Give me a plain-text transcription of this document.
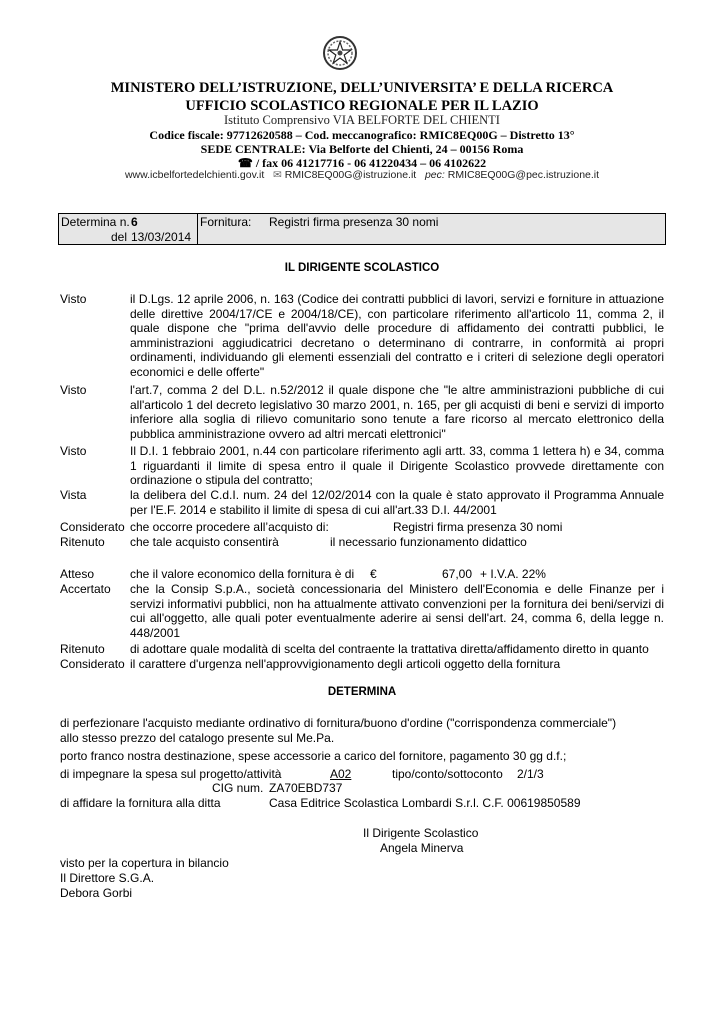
MINISTERO DELL’ISTRUZIONE, DELL’UNIVERSITA’ E DELLA RICERCA
UFFICIO SCOLASTICO REGIONALE PER IL LAZIO
Istituto Comprensivo VIA BELFORTE DEL CHIENTI
Codice fiscale: 97712620588 – Cod. meccanografico: RMIC8EQ00G – Distretto 13°
SEDE CENTRALE: Via Belforte del Chienti, 24 – 00156 Roma
☎ / fax 06 41217716 - 06 41220434 – 06 4102622
www.icbelfortedelchienti.gov.it ✉ RMIC8EQ00G@istruzione.it pec: RMIC8EQ00G@pec.istruzione.it
Determina n. 6
del 13/03/2014
Fornitura: Registri firma presenza 30 nomi
IL DIRIGENTE SCOLASTICO
Visto	il D.Lgs. 12 aprile 2006, n. 163 (Codice dei contratti pubblici di lavori, servizi e forniture in attuazione delle direttive 2004/17/CE e 2004/18/CE), con particolare riferimento all'articolo 11, comma 2, il quale dispone che "prima dell'avvio delle procedure di affidamento dei contratti pubblici, le amministrazioni aggiudicatrici decretano o determinano di contrarre, in conformità ai propri ordinamenti, individuando gli elementi essenziali del contratto e i criteri di selezione degli operatori economici e delle offerte"
Visto	l'art.7, comma 2 del D.L. n.52/2012 il quale dispone che "le altre amministrazioni pubbliche di cui all'articolo 1 del decreto legislativo 30 marzo 2001, n. 165, per gli acquisti di beni e servizi di importo inferiore alla soglia di rilievo comunitario sono tenute a fare ricorso al mercato elettronico della pubblica amministrazione ovvero ad altri mercati elettronici"
Visto	Il D.I. 1 febbraio 2001, n.44 con particolare riferimento agli artt. 33, comma 1 lettera h) e 34, comma 1 riguardanti il limite di spesa entro il quale il Dirigente Scolastico provvede direttamente con ordinazione o stipula del contratto;
Vista	la delibera del C.d.I. num. 24 del 12/02/2014 con la quale è stato approvato il Programma Annuale per l'E.F. 2014 e stabilito il limite di spesa di cui all'art.33 D.I. 44/2001
Considerato che occorre procedere all’acquisto di:	Registri firma presenza 30 nomi
Ritenuto che tale acquisto consentirà	il necessario funzionamento didattico
Atteso	che il valore economico della fornitura è di €	67,00 + I.V.A. 22%
Accertato che la Consip S.p.A., società concessionaria del Ministero dell'Economia e delle Finanze per i servizi informativi pubblici, non ha attualmente attivato convenzioni per la fornitura dei beni/servizi di cui all'oggetto, alle quali poter eventualmente aderire ai sensi dell'art. 24, comma 6, della legge n. 448/2001
Ritenuto di adottare quale modalità di scelta del contraente la trattativa diretta/affidamento diretto in quanto
Considerato il carattere d'urgenza nell'approvvigionamento degli articoli oggetto della fornitura
DETERMINA
di perfezionare l'acquisto mediante ordinativo di fornitura/buono d'ordine ("corrispondenza commerciale")
allo stesso prezzo del catalogo presente sul Me.Pa.
porto franco nostra destinazione, spese accessorie a carico del fornitore, pagamento 30 gg d.f.;
di impegnare la spesa sul progetto/attività	A02	tipo/conto/sottoconto 2/1/3
CIG num. ZA70EBD737
di affidare la fornitura alla ditta	Casa Editrice Scolastica Lombardi S.r.l. C.F. 00619850589
Il Dirigente Scolastico
Angela Minerva
visto per la copertura in bilancio
Il Direttore S.G.A.
Debora Gorbi
